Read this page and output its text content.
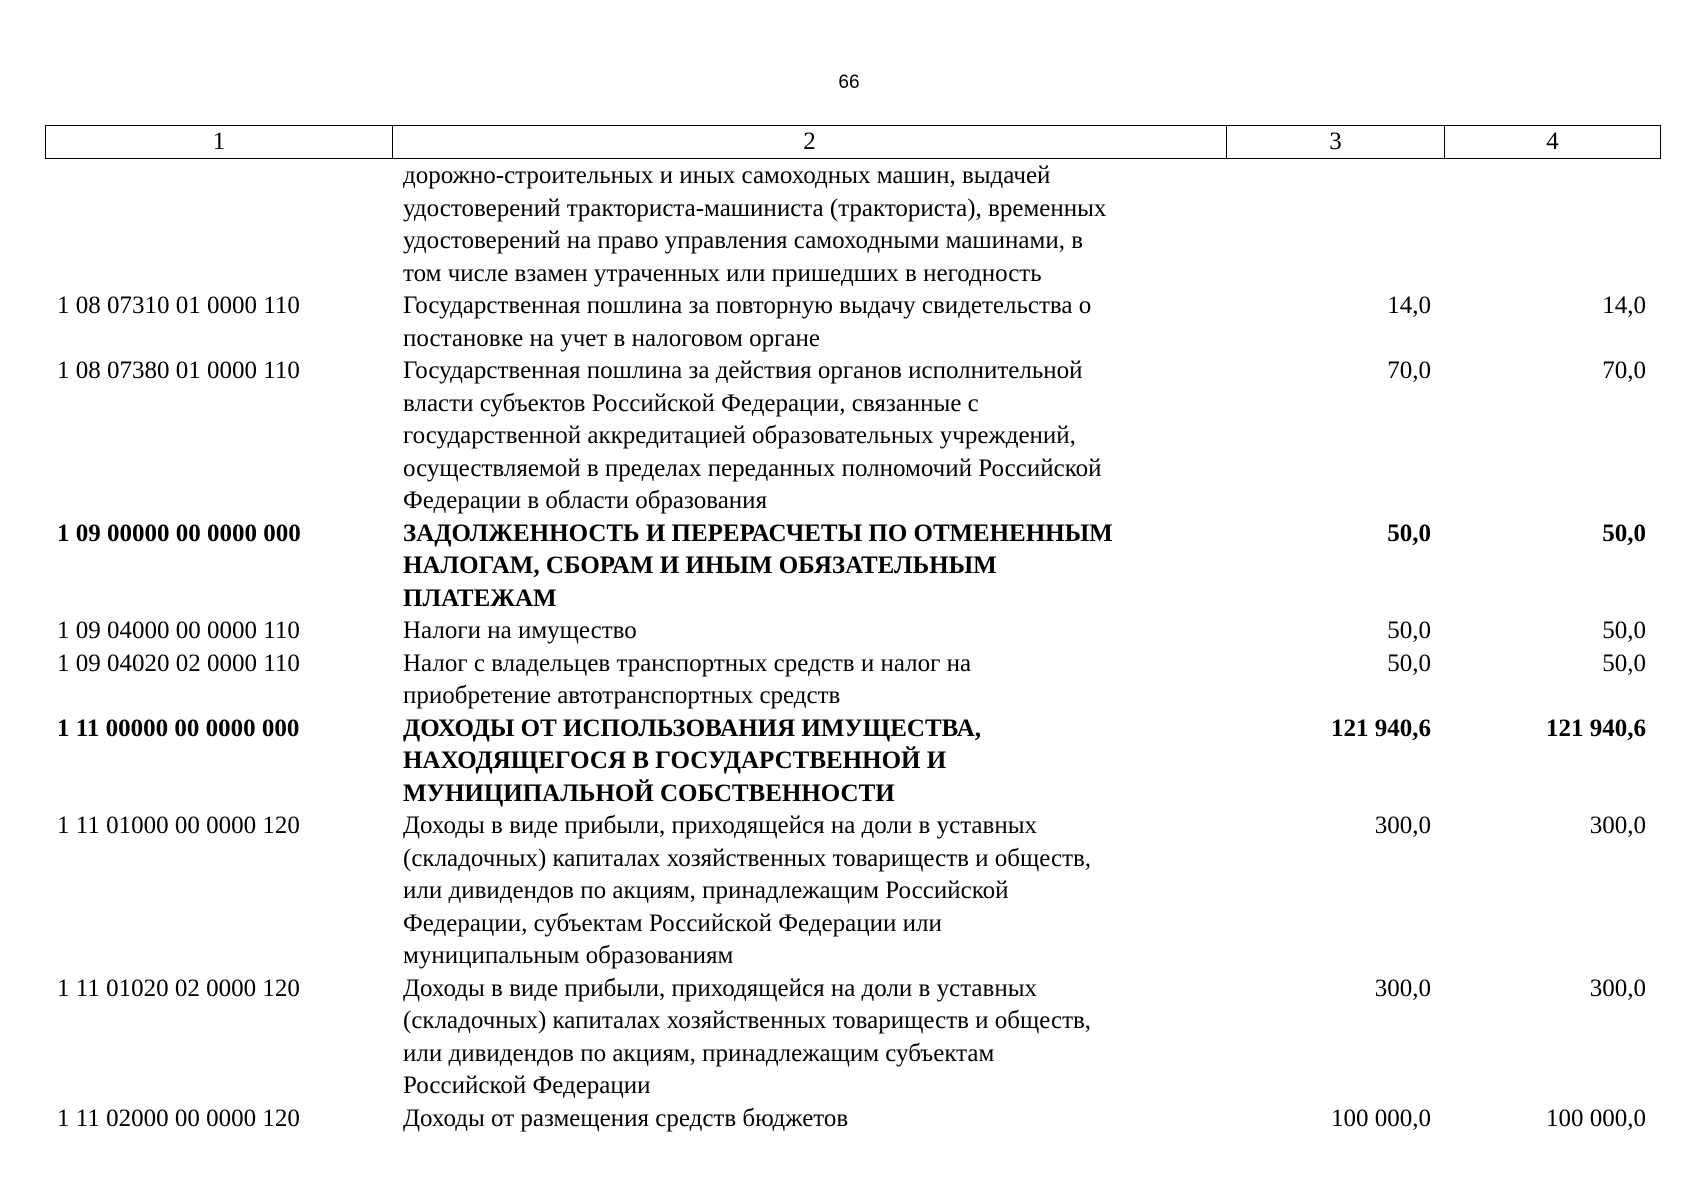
66
1	2	3	4
дорожно-строительных и иных самоходных машин, выдачей
удостоверений тракториста-машиниста (тракториста), временных
удостоверений на право управления самоходными машинами, в
том числе взамен утраченных или пришедших в негодность
1 08 07310 01 0000 110	Государственная пошлина за повторную выдачу свидетельства о
постановке на учет в налоговом органе
14,0	14,0
1 08 07380 01 0000 110	Государственная пошлина за действия органов исполнительной
власти субъектов Российской Федерации, связанные с
государственной аккредитацией образовательных учреждений,
осуществляемой в пределах переданных полномочий Российской
Федерации в области образования
70,0	70,0
1 09 00000 00 0000 000	ЗАДОЛЖЕННОСТЬ И ПЕРЕРАСЧЕТЫ ПО ОТМЕНЕННЫМ
НАЛОГАМ, СБОРАМ И ИНЫМ ОБЯЗАТЕЛЬНЫМ
ПЛАТЕЖАМ
50,0	50,0
1 09 04000 00 0000 110	Налоги на имущество	50,0	50,0
1 09 04020 02 0000 110	Налог с владельцев транспортных средств и налог на
приобретение автотранспортных средств
50,0	50,0
1 11 00000 00 0000 000	ДОХОДЫ ОТ ИСПОЛЬЗОВАНИЯ ИМУЩЕСТВА,
НАХОДЯЩЕГОСЯ В ГОСУДАРСТВЕННОЙ И
МУНИЦИПАЛЬНОЙ СОБСТВЕННОСТИ
121 940,6	121 940,6
1 11 01000 00 0000 120	Доходы в виде прибыли, приходящейся на доли в уставных
(складочных) капиталах хозяйственных товариществ и обществ,
или дивидендов по акциям, принадлежащим Российской
Федерации, субъектам Российской Федерации или
муниципальным образованиям
300,0	300,0
1 11 01020 02 0000 120	Доходы в виде прибыли, приходящейся на доли в уставных
(складочных) капиталах хозяйственных товариществ и обществ,
или дивидендов по акциям, принадлежащим субъектам
Российской Федерации
300,0	300,0
1 11 02000 00 0000 120	Доходы от размещения средств бюджетов	100 000,0	100 000,0
